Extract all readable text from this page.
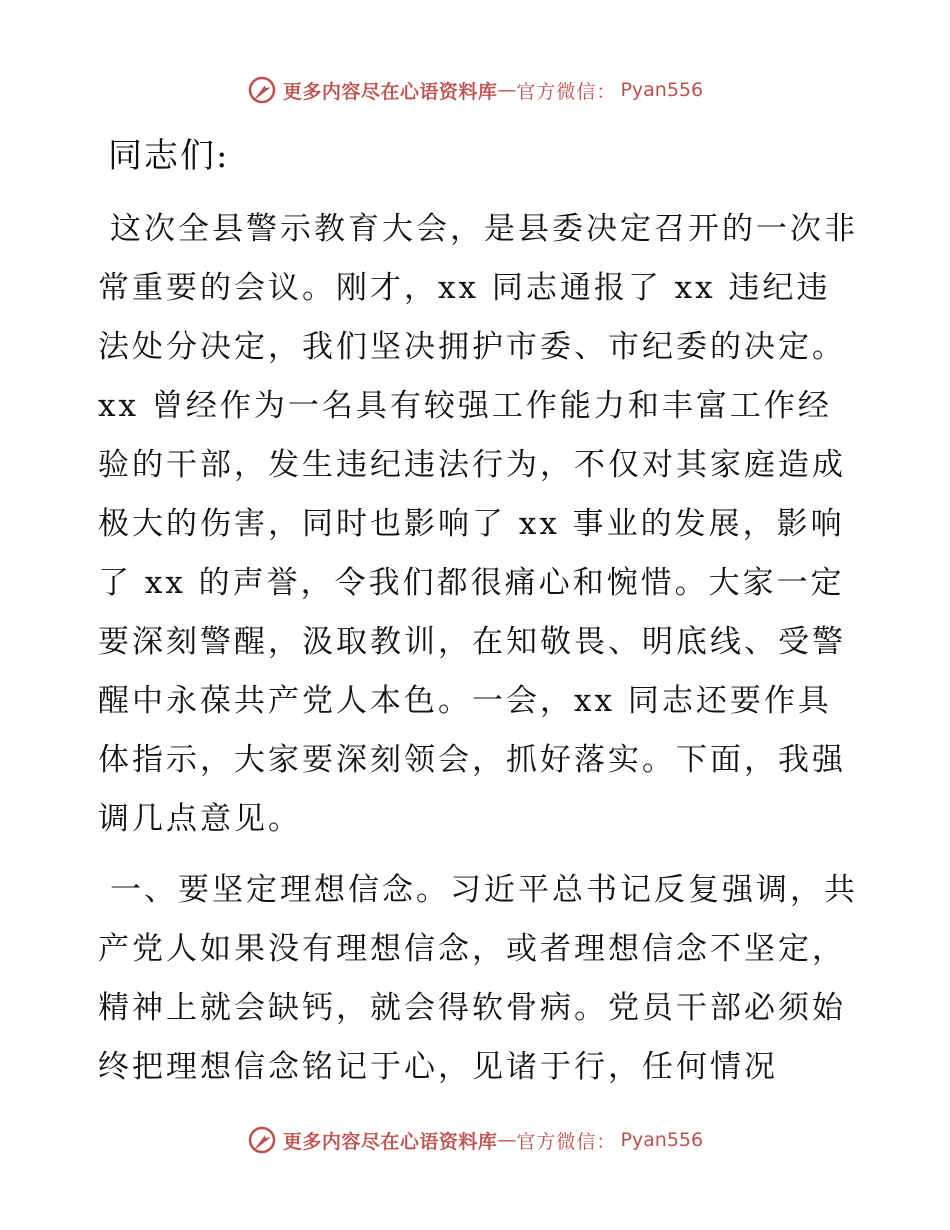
更多内容尽在心语资料库 — 官方微信： Pyan556
同志们:

这次全县警示教育大会，是县委决定召开的一次非常重要的会议。刚才，xx 同志通报了 xx 违纪违法处分决定，我们坚决拥护市委、市纪委的决定。xx 曾经作为一名具有较强工作能力和丰富工作经验的干部，发生违纪违法行为，不仅对其家庭造成极大的伤害，同时也影响了 xx 事业的发展，影响了 xx 的声誉，令我们都很痛心和惋惜。大家一定要深刻警醒，汲取教训，在知敬畏、明底线、受警醒中永葆共产党人本色。一会，xx 同志还要作具体指示，大家要深刻领会，抓好落实。下面，我强调几点意见。

一、要坚定理想信念。习近平总书记反复强调，共产党人如果没有理想信念，或者理想信念不坚定，精神上就会缺钙，就会得软骨病。党员干部必须始终把理想信念铭记于心，见诸于行，任何情况

更多内容尽在心语资料库 — 官方微信： Pyan556
